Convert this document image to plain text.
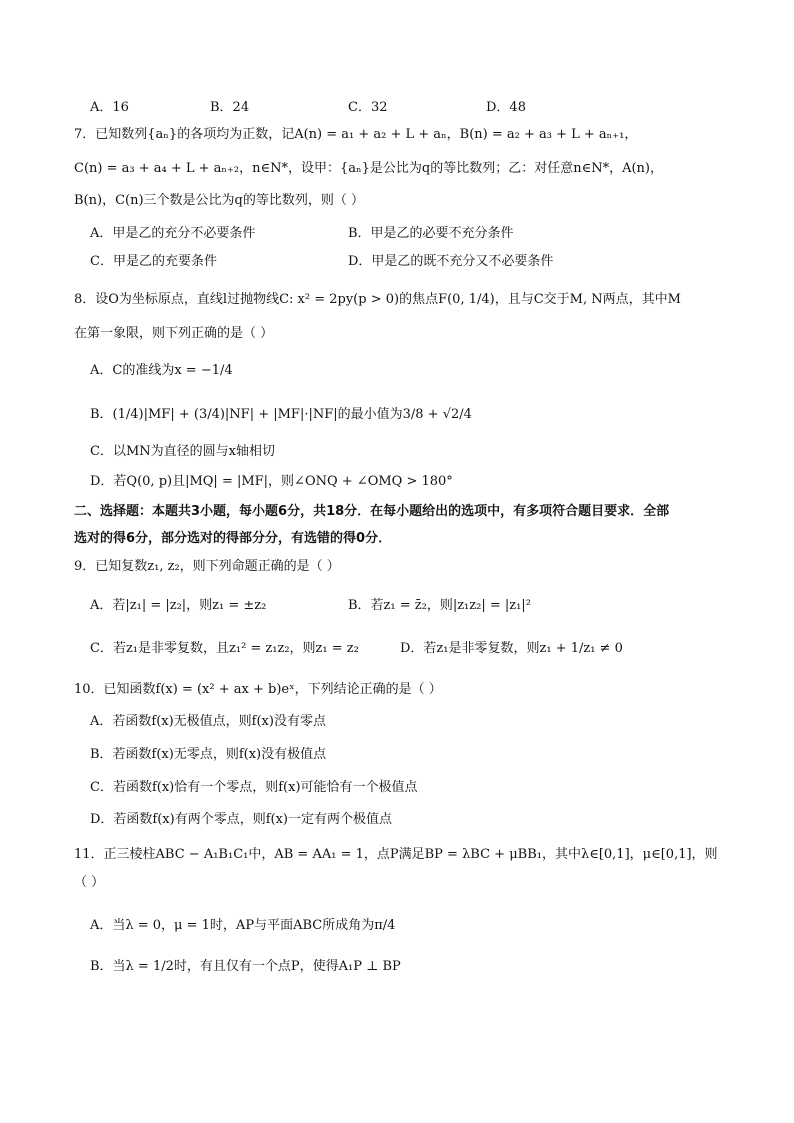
A．16	B．24	C．32	D．48
7．已知数列{aₙ}的各项均为正数，记A(n) = a₁ + a₂ + L + aₙ，B(n) = a₂ + a₃ + L + aₙ₊₁，
C(n) = a₃ + a₄ + L + aₙ₊₂，n∈N*，设甲：{aₙ}是公比为q的等比数列；乙：对任意n∈N*，A(n)，
B(n)，C(n)三个数是公比为q的等比数列，则（ ）
A．甲是乙的充分不必要条件	B．甲是乙的必要不充分条件
C．甲是乙的充要条件	D．甲是乙的既不充分又不必要条件
8．设O为坐标原点，直线l过抛物线C: x² = 2py(p > 0)的焦点F(0, 1/4)，且与C交于M, N两点，其中M
在第一象限，则下列正确的是（ ）
A．C的准线为x = −1/4
B．(1/4)|MF| + (3/4)|NF| + |MF|·|NF|的最小值为3/8 + √2/4
C．以MN为直径的圆与x轴相切
D．若Q(0, p)且|MQ| = |MF|，则∠ONQ + ∠OMQ > 180°
二、选择题：本题共3小题，每小题6分，共18分．在每小题给出的选项中，有多项符合题目要求．全部
选对的得6分，部分选对的得部分分，有选错的得0分．
9．已知复数z₁, z₂，则下列命题正确的是（ ）
A．若|z₁| = |z₂|，则z₁ = ±z₂	B．若z₁ = z̄₂，则|z₁z₂| = |z₁|²
C．若z₁是非零复数，且z₁² = z₁z₂，则z₁ = z₂	D．若z₁是非零复数，则z₁ + 1/z₁ ≠ 0
10．已知函数f(x) = (x² + ax + b)eˣ，下列结论正确的是（ ）
A．若函数f(x)无极值点，则f(x)没有零点
B．若函数f(x)无零点，则f(x)没有极值点
C．若函数f(x)恰有一个零点，则f(x)可能恰有一个极值点
D．若函数f(x)有两个零点，则f(x)一定有两个极值点
11．正三棱柱ABC − A₁B₁C₁中，AB = AA₁ = 1，点P满足BP = λBC + μBB₁，其中λ∈[0,1]，μ∈[0,1]，则
（ ）
A．当λ = 0，μ = 1时，AP与平面ABC所成角为π/4
B．当λ = 1/2时，有且仅有一个点P，使得A₁P ⊥ BP
